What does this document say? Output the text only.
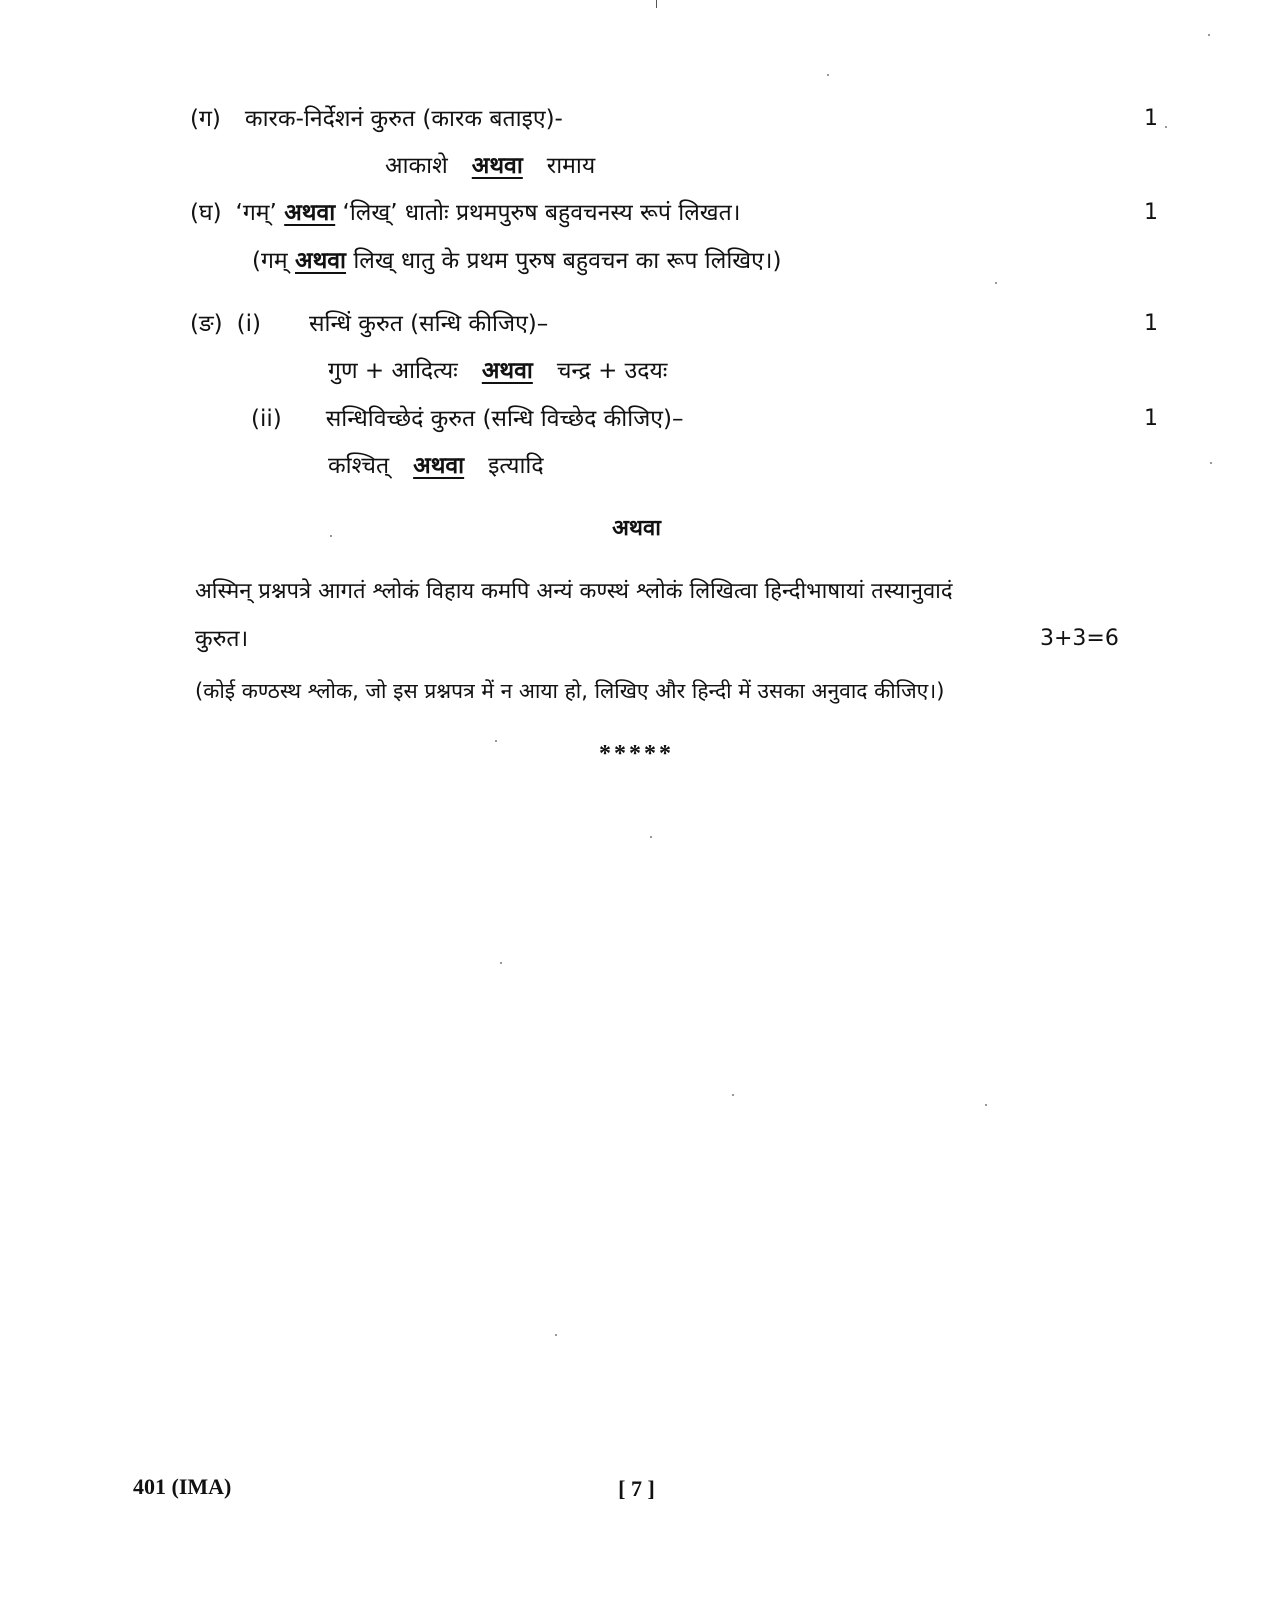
(ग) कारक-निर्देशनं कुरुत (कारक बताइए)-	1
आकाशे अथवा रामाय
(घ) ‘गम्’ अथवा ‘लिख्’ धातोः प्रथमपुरुष बहुवचनस्य रूपं लिखत।	1
(गम् अथवा लिख् धातु के प्रथम पुरुष बहुवचन का रूप लिखिए।)
(ङ) (i) सन्धिं कुरुत (सन्धि कीजिए)–	1
गुण + आदित्यः अथवा चन्द्र + उदयः
(ii) सन्धिविच्छेदं कुरुत (सन्धि विच्छेद कीजिए)–	1
कश्चित् अथवा इत्यादि
अथवा
अस्मिन् प्रश्नपत्रे आगतं श्लोकं विहाय कमपि अन्यं कण्स्थं श्लोकं लिखित्वा हिन्दीभाषायां तस्यानुवादं
कुरुत।	3+3=6
(कोई कण्ठस्थ श्लोक, जो इस प्रश्नपत्र में न आया हो, लिखिए और हिन्दी में उसका अनुवाद कीजिए।)
*****
401 (IMA)	[ 7 ]
